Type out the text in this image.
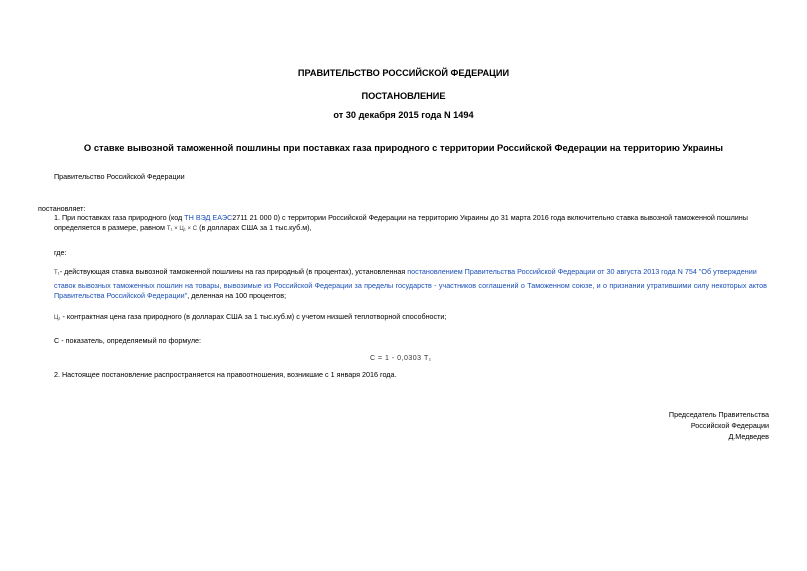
ПРАВИТЕЛЬСТВО РОССИЙСКОЙ ФЕДЕРАЦИИ
ПОСТАНОВЛЕНИЕ
от 30 декабря 2015 года N 1494
О ставке вывозной таможенной пошлины при поставках газа природного с территории Российской Федерации на территорию Украины
Правительство Российской Федерации
постановляет:
1. При поставках газа природного (код ТН ВЭД ЕАЭС2711 21 000 0) с территории Российской Федерации на территорию Украины до 31 марта 2016 года включительно ставка вывозной таможенной пошлины
определяется в размере, равном Т₁ × Ц₁ × С (в долларах США за 1 тыс.куб.м),
где:
Т₁- действующая ставка вывозной таможенной пошлины на газ природный (в процентах), установленная постановлением Правительства Российской Федерации от 30 августа 2013 года N 754 "Об утверждении
ставок вывозных таможенных пошлин на товары, вывозимые из Российской Федерации за пределы государств - участников соглашений о Таможенном союзе, и о признании утратившими силу некоторых актов
Правительства Российской Федерации", деленная на 100 процентов;
Ц₁ - контрактная цена газа природного (в долларах США за 1 тыс.куб.м) с учетом низшей теплотворной способности;
С - показатель, определяемый по формуле:
С = 1 - 0,0303 Т₁
2. Настоящее постановление распространяется на правоотношения, возникшие с 1 января 2016 года.
Председатель Правительства
Российской Федерации
Д.Медведев
